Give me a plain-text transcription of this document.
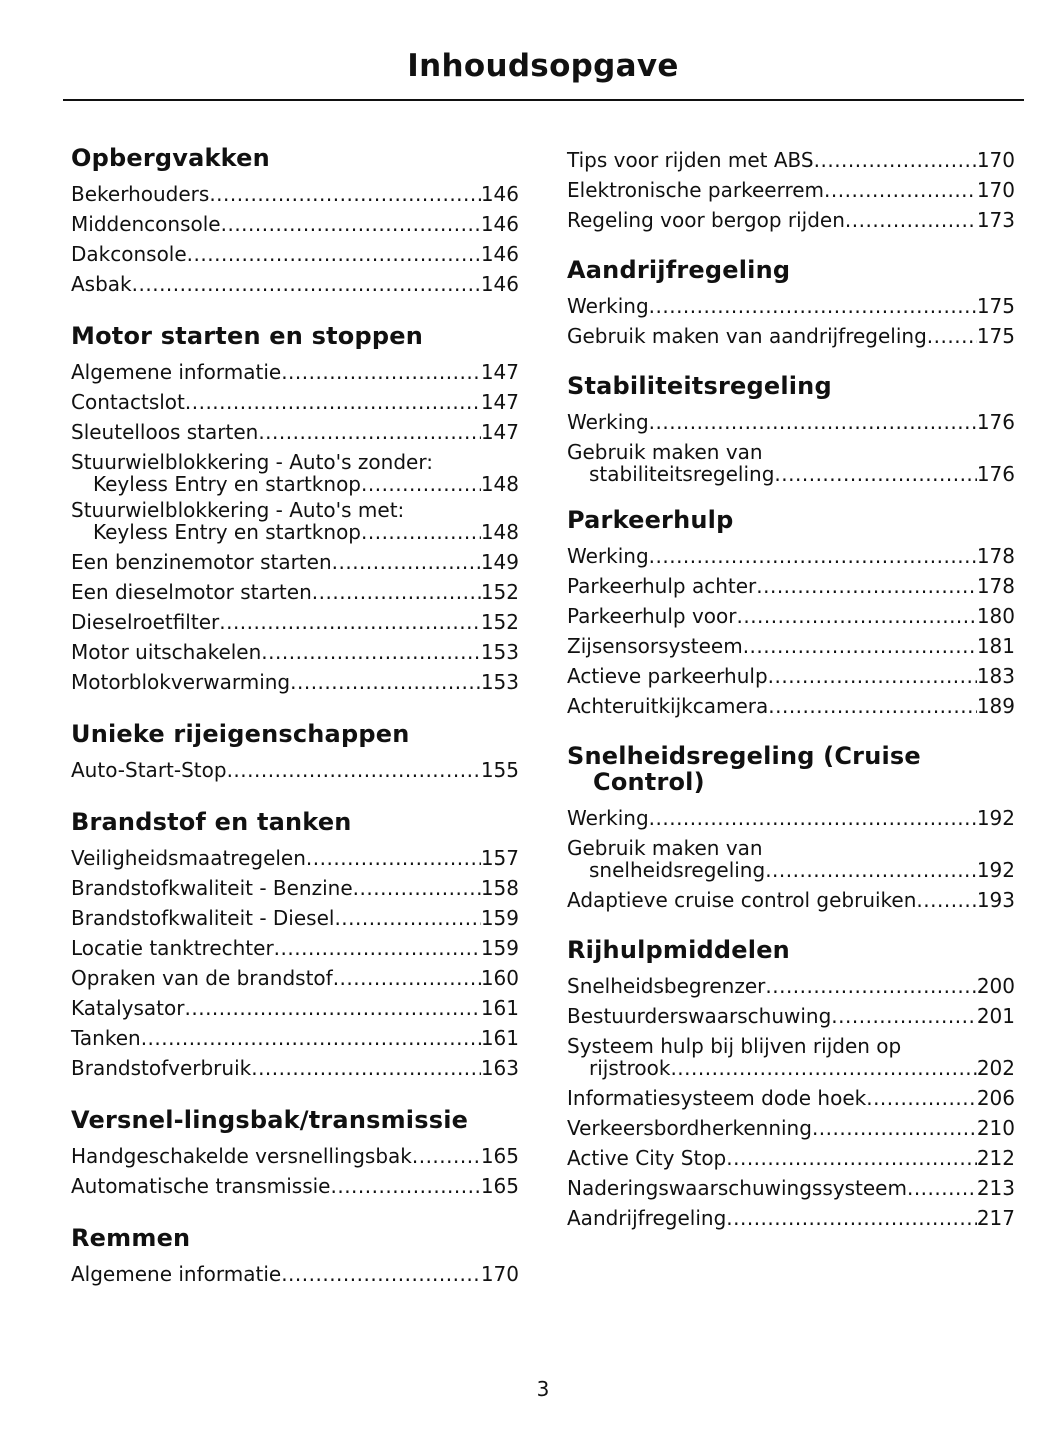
Inhoudsopgave
Opbergvakken
Bekerhouders .....	146
Middenconsole .....	146
Dakconsole .....	146
Asbak .....	146
Motor starten en stoppen
Algemene informatie .....	147
Contactslot .....	147
Sleutelloos starten .....	147
Stuurwielblokkering - Auto's zonder:
Keyless Entry en startknop .....	148
Stuurwielblokkering - Auto's met:
Keyless Entry en startknop .....	148
Een benzinemotor starten .....	149
Een dieselmotor starten .....	152
Dieselroetfilter .....	152
Motor uitschakelen .....	153
Motorblokverwarming .....	153
Unieke rijeigenschappen
Auto-Start-Stop .....	155
Brandstof en tanken
Veiligheidsmaatregelen .....	157
Brandstofkwaliteit - Benzine .....	158
Brandstofkwaliteit - Diesel .....	159
Locatie tanktrechter .....	159
Opraken van de brandstof .....	160
Katalysator .....	161
Tanken .....	161
Brandstofverbruik .....	163
Versnel-lingsbak/transmissie
Handgeschakelde versnellingsbak .....	165
Automatische transmissie .....	165
Remmen
Algemene informatie .....	170
Tips voor rijden met ABS .....	170
Elektronische parkeerrem .....	170
Regeling voor bergop rijden .....	173
Aandrijfregeling
Werking .....	175
Gebruik maken van aandrijfregeling .....	175
Stabiliteitsregeling
Werking .....	176
Gebruik maken van
stabiliteitsregeling .....	176
Parkeerhulp
Werking .....	178
Parkeerhulp achter .....	178
Parkeerhulp voor .....	180
Zijsensorsysteem .....	181
Actieve parkeerhulp .....	183
Achteruitkijkcamera .....	189
Snelheidsregeling (Cruise Control)
Werking .....	192
Gebruik maken van
snelheidsregeling .....	192
Adaptieve cruise control gebruiken .....	193
Rijhulpmiddelen
Snelheidsbegrenzer .....	200
Bestuurderswaarschuwing .....	201
Systeem hulp bij blijven rijden op
rijstrook .....	202
Informatiesysteem dode hoek .....	206
Verkeersbordherkenning .....	210
Active City Stop .....	212
Naderingswaarschuwingssysteem .....	213
Aandrijfregeling .....	217
3
